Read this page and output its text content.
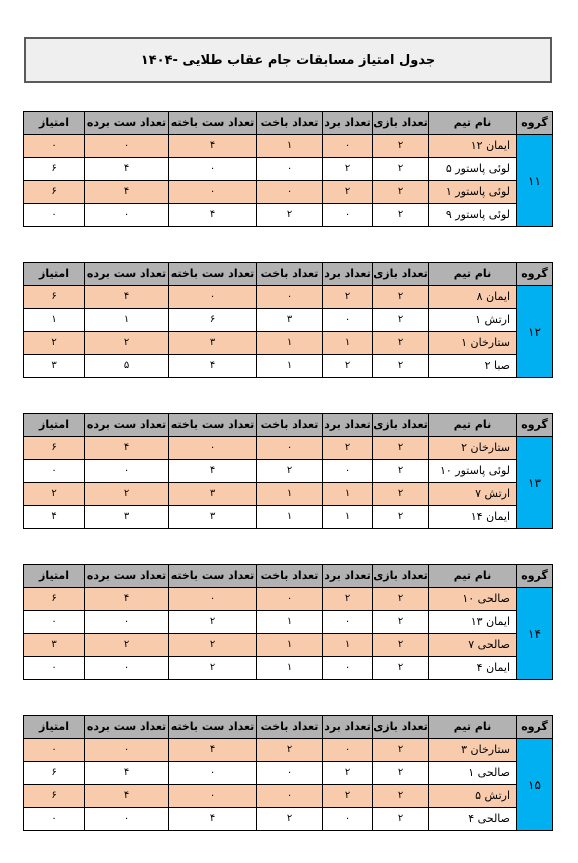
جدول امتیاز مسابقات جام عقاب طلایی -۱۴۰۴
گروه	نام تیم	تعداد بازی	تعداد برد	تعداد باخت	تعداد ست باخته	تعداد ست برده	امتیاز
۱۱	ایمان ۱۲	۲	۰	۱	۴	۰	۰
	لوئی پاستور ۵	۲	۲	۰	۰	۴	۶
	لوئی پاستور ۱	۲	۲	۰	۰	۴	۶
	لوئی پاستور ۹	۲	۰	۲	۴	۰	۰
گروه	نام تیم	تعداد بازی	تعداد برد	تعداد باخت	تعداد ست باخته	تعداد ست برده	امتیاز
۱۲	ایمان ۸	۲	۲	۰	۰	۴	۶
	ارتش ۱	۲	۰	۳	۶	۱	۱
	ستارخان ۱	۲	۱	۱	۳	۲	۲
	صبا ۲	۲	۲	۱	۴	۵	۳
گروه	نام تیم	تعداد بازی	تعداد برد	تعداد باخت	تعداد ست باخته	تعداد ست برده	امتیاز
۱۳	ستارخان ۲	۲	۲	۰	۰	۴	۶
	لوئی پاستور ۱۰	۲	۰	۲	۴	۰	۰
	ارتش ۷	۲	۱	۱	۳	۲	۲
	ایمان ۱۴	۲	۱	۱	۳	۳	۴
گروه	نام تیم	تعداد بازی	تعداد برد	تعداد باخت	تعداد ست باخته	تعداد ست برده	امتیاز
۱۴	صالحی ۱۰	۲	۲	۰	۰	۴	۶
	ایمان ۱۳	۲	۰	۱	۲	۰	۰
	صالحی ۷	۲	۱	۱	۲	۲	۳
	ایمان ۴	۲	۰	۱	۲	۰	۰
گروه	نام تیم	تعداد بازی	تعداد برد	تعداد باخت	تعداد ست باخته	تعداد ست برده	امتیاز
۱۵	ستارخان ۳	۲	۰	۲	۴	۰	۰
	صالحی ۱	۲	۲	۰	۰	۴	۶
	ارتش ۵	۲	۲	۰	۰	۴	۶
	صالحی ۴	۲	۰	۲	۴	۰	۰
